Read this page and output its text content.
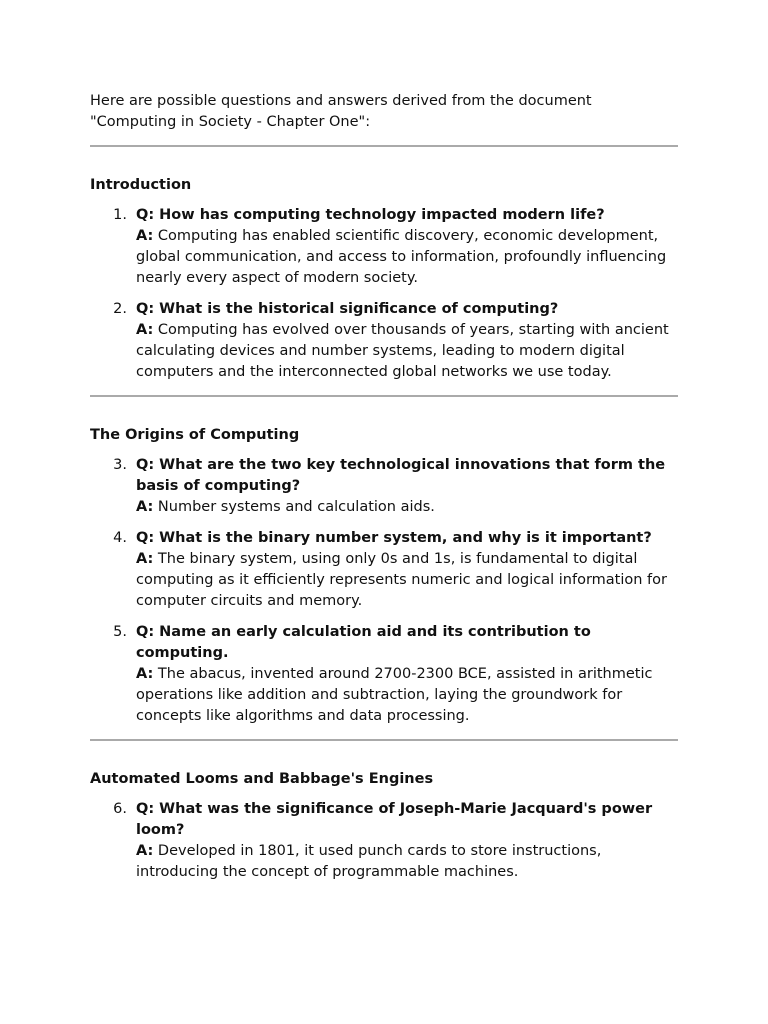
Here are possible questions and answers derived from the document "Computing in Society - Chapter One":

Introduction
1. Q: How has computing technology impacted modern life?
A: Computing has enabled scientific discovery, economic development, global communication, and access to information, profoundly influencing nearly every aspect of modern society.
2. Q: What is the historical significance of computing?
A: Computing has evolved over thousands of years, starting with ancient calculating devices and number systems, leading to modern digital computers and the interconnected global networks we use today.
The Origins of Computing
3. Q: What are the two key technological innovations that form the basis of computing?
A: Number systems and calculation aids.
4. Q: What is the binary number system, and why is it important?
A: The binary system, using only 0s and 1s, is fundamental to digital computing as it efficiently represents numeric and logical information for computer circuits and memory.
5. Q: Name an early calculation aid and its contribution to computing.
A: The abacus, invented around 2700-2300 BCE, assisted in arithmetic operations like addition and subtraction, laying the groundwork for concepts like algorithms and data processing.
Automated Looms and Babbage's Engines
6. Q: What was the significance of Joseph-Marie Jacquard's power loom?
A: Developed in 1801, it used punch cards to store instructions, introducing the concept of programmable machines.
